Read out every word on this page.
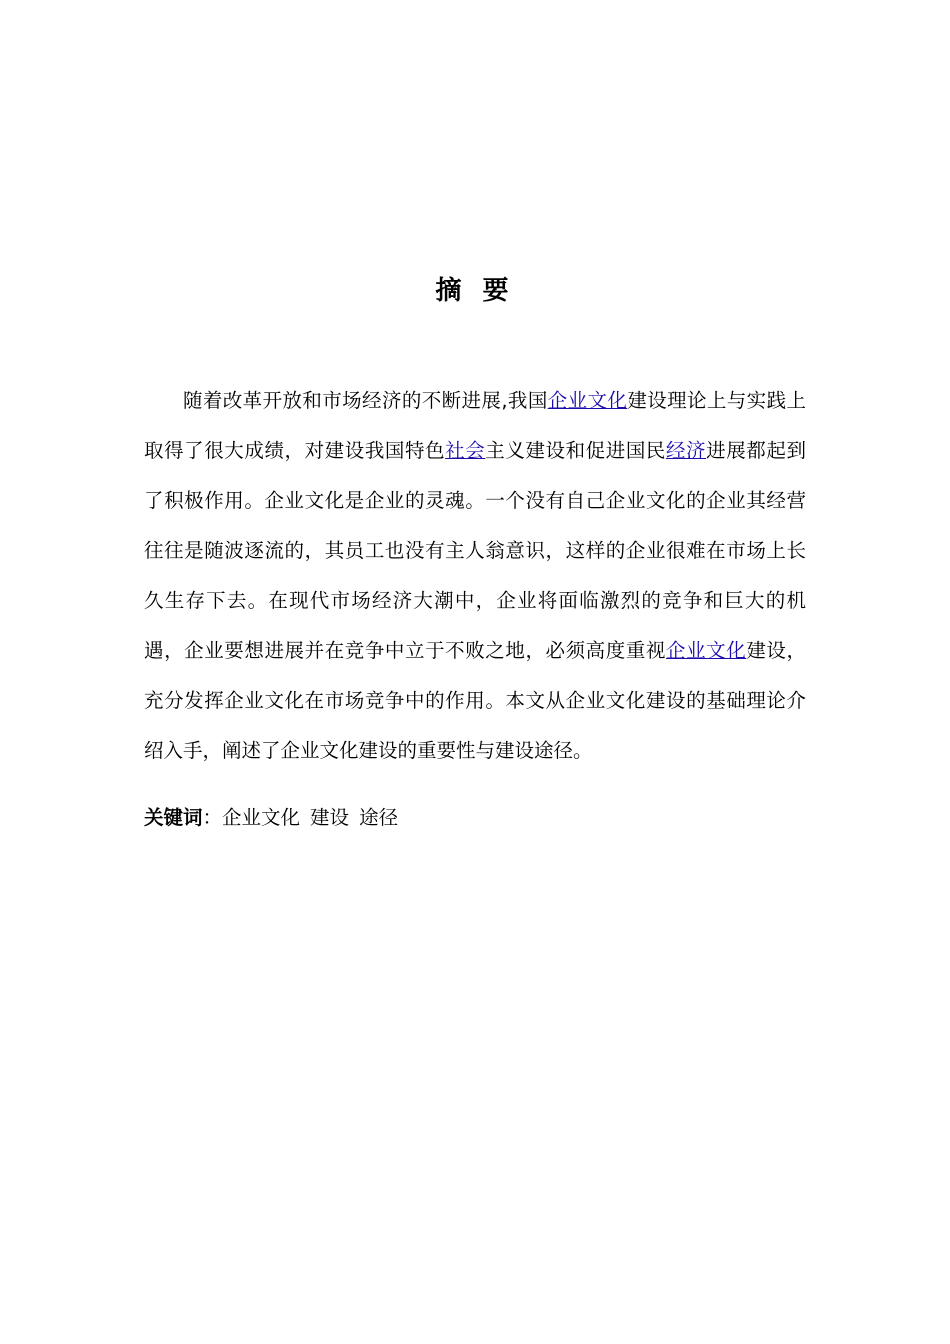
摘 要

随着改革开放和市场经济的不断进展,我国企业文化建设理论上与实践上取得了很大成绩，对建设我国特色社会主义建设和促进国民经济进展都起到了积极作用。企业文化是企业的灵魂。一个没有自己企业文化的企业其经营往往是随波逐流的，其员工也没有主人翁意识，这样的企业很难在市场上长久生存下去。在现代市场经济大潮中，企业将面临激烈的竞争和巨大的机遇，企业要想进展并在竞争中立于不败之地，必须高度重视企业文化建设，充分发挥企业文化在市场竞争中的作用。本文从企业文化建设的基础理论介绍入手，阐述了企业文化建设的重要性与建设途径。

关键词：企业文化 建设 途径
